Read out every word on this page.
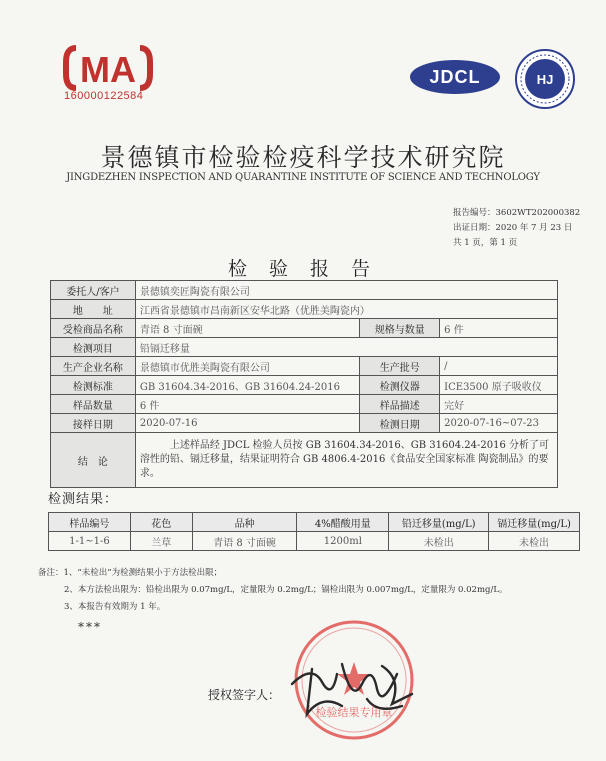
MA
160000122584
JDCL	HJ
景德镇市检验检疫科学技术研究院
JINGDEZHEN INSPECTION AND QUARANTINE INSTITUTE OF SCIENCE AND TECHNOLOGY
报告编号：3602WT202000382
出证日期：2020 年 7 月 23 日
共 1 页，第 1 页
检 验 报 告
委托人/客户	景德镇奕匠陶瓷有限公司		
地　　址	江西省景德镇市昌南新区安华北路（优胜美陶瓷内）		
受检商品名称	青语 8 寸面碗	规格与数量	6 件
检测项目	铅镉迁移量		
生产企业名称	景德镇市优胜美陶瓷有限公司	生产批号	/
检测标准	GB 31604.34-2016、GB 31604.24-2016	检测仪器	ICE3500 原子吸收仪
样品数量	6 件	样品描述	完好
接样日期	2020-07-16	检测日期	2020-07-16~07-23
结　论	上述样品经 JDCL 检验人员按 GB 31604.34-2016、GB 31604.24-2016 分析了可溶性的铅、镉迁移量，结果证明符合 GB 4806.4-2016《食品安全国家标准 陶瓷制品》的要求。		
检测结果：
样品编号	花色	品种	4%醋酸用量	铅迁移量(mg/L)	镉迁移量(mg/L)
1-1~1-6	兰草	青语 8 寸面碗	1200ml	未检出	未检出
备注：1、“未检出”为检测结果小于方法检出限；
2、本方法检出限为：铅检出限为 0.07mg/L，定量限为 0.2mg/L；镉检出限为 0.007mg/L，定量限为 0.02mg/L。
3、本报告有效期为 1 年。
***
授权签字人：
检验结果专用章
